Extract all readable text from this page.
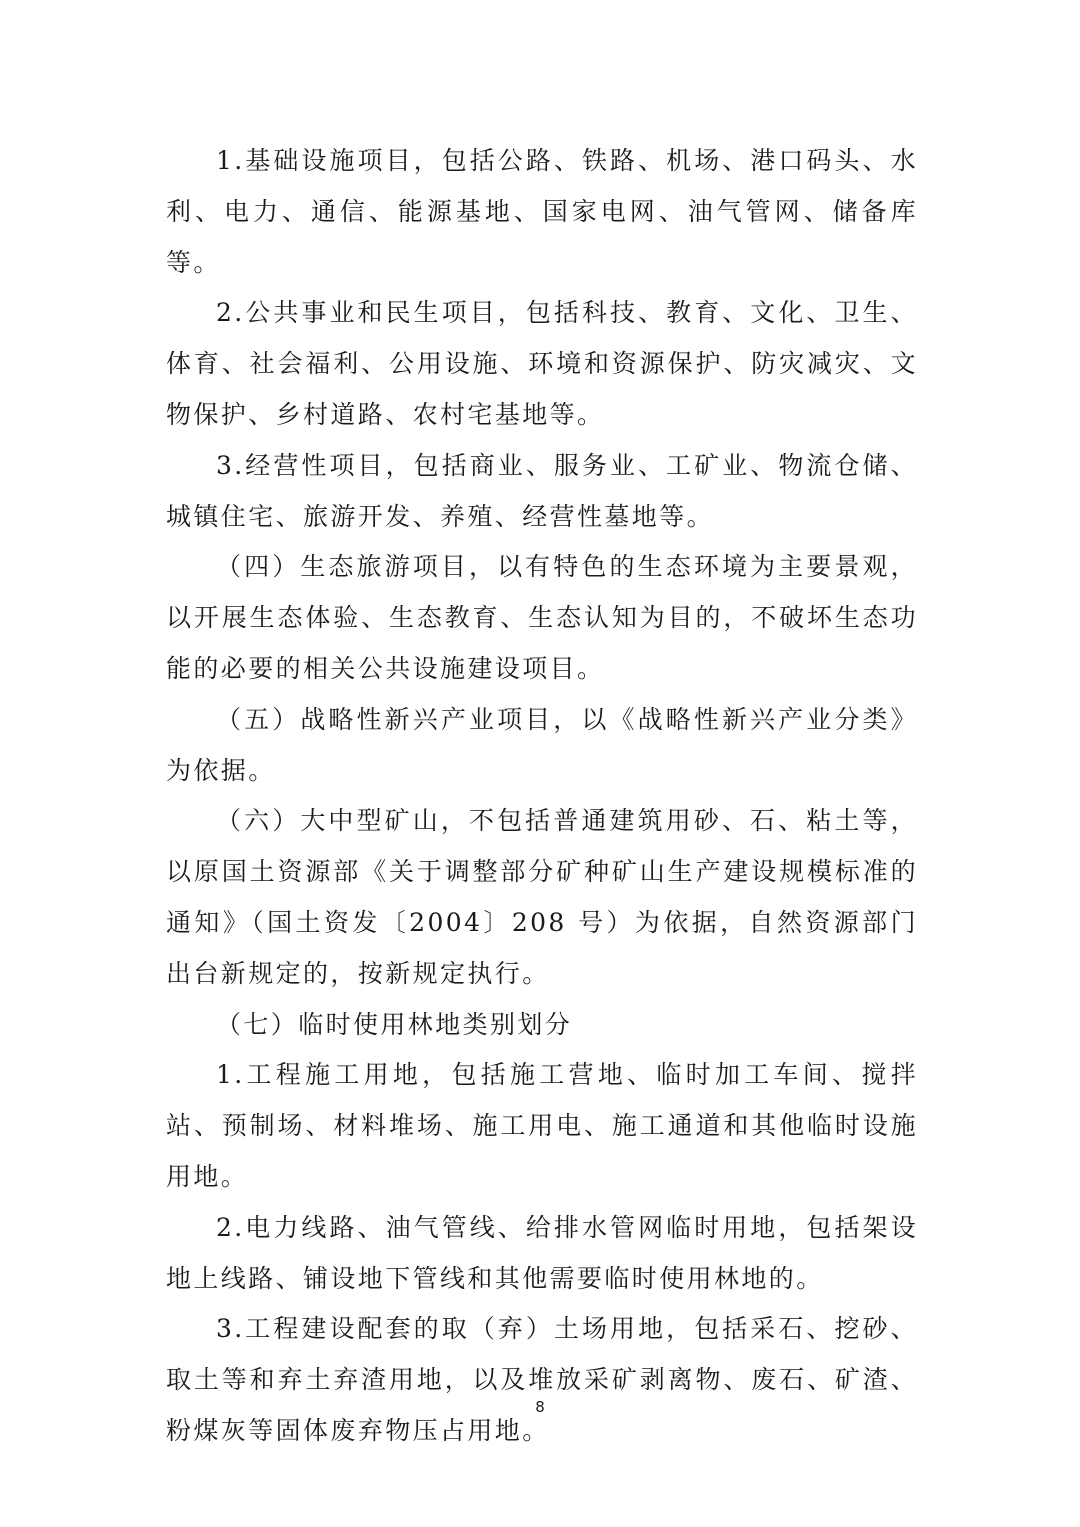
1.基础设施项目，包括公路、铁路、机场、港口码头、水利、电力、通信、能源基地、国家电网、油气管网、储备库等。

2.公共事业和民生项目，包括科技、教育、文化、卫生、体育、社会福利、公用设施、环境和资源保护、防灾减灾、文物保护、乡村道路、农村宅基地等。

3.经营性项目，包括商业、服务业、工矿业、物流仓储、城镇住宅、旅游开发、养殖、经营性墓地等。

（四）生态旅游项目，以有特色的生态环境为主要景观，以开展生态体验、生态教育、生态认知为目的，不破坏生态功能的必要的相关公共设施建设项目。

（五）战略性新兴产业项目，以《战略性新兴产业分类》为依据。

（六）大中型矿山，不包括普通建筑用砂、石、粘土等，以原国土资源部《关于调整部分矿种矿山生产建设规模标准的通知》（国土资发〔2004〕208 号）为依据，自然资源部门出台新规定的，按新规定执行。

（七）临时使用林地类别划分

1.工程施工用地，包括施工营地、临时加工车间、搅拌站、预制场、材料堆场、施工用电、施工通道和其他临时设施用地。

2.电力线路、油气管线、给排水管网临时用地，包括架设地上线路、铺设地下管线和其他需要临时使用林地的。

3.工程建设配套的取（弃）土场用地，包括采石、挖砂、取土等和弃土弃渣用地，以及堆放采矿剥离物、废石、矿渣、粉煤灰等固体废弃物压占用地。

8
